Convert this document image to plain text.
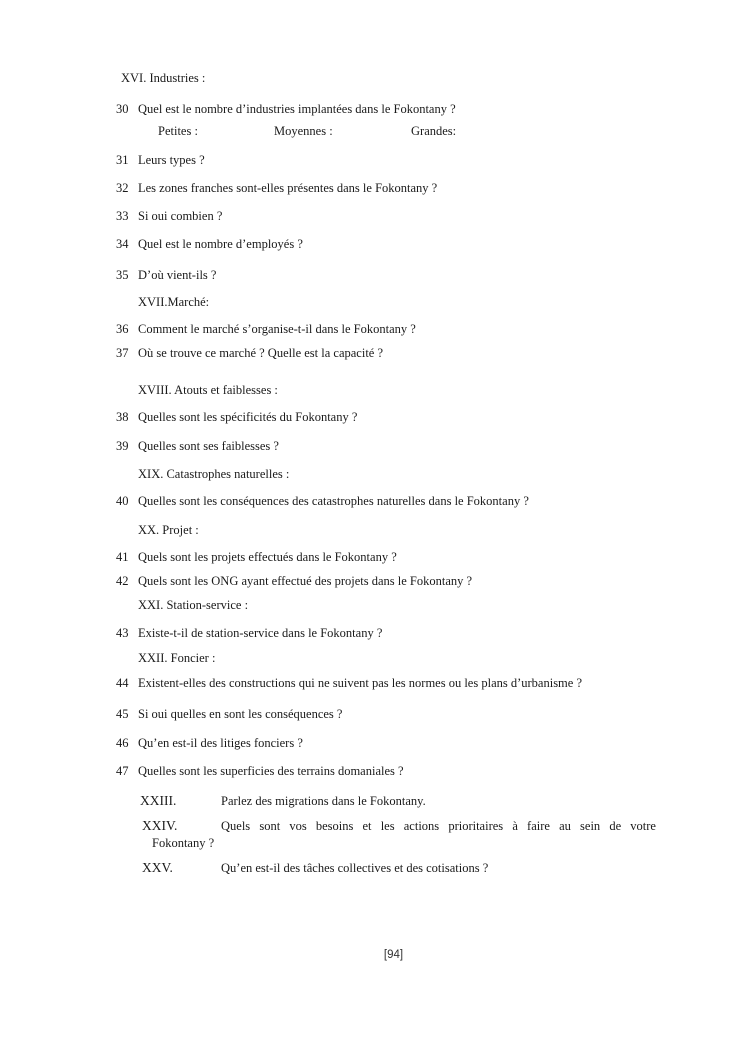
XVI. Industries :
30 Quel est le nombre d’industries implantées dans le Fokontany ?
Petites :	Moyennes :	Grandes:
31 Leurs types ?
32 Les zones franches sont-elles présentes dans le Fokontany ?
33 Si oui combien ?
34 Quel est le nombre d’employés ?
35 D’où vient-ils ?
XVII.Marché:
36 Comment le marché s’organise-t-il dans le Fokontany ?
37 Où se trouve ce marché ? Quelle est la capacité ?
XVIII. Atouts et faiblesses :
38 Quelles sont les spécificités du Fokontany ?
39 Quelles sont ses faiblesses ?
XIX. Catastrophes naturelles :
40 Quelles sont les conséquences des catastrophes naturelles dans le Fokontany ?
XX. Projet :
41 Quels sont les projets effectués dans le Fokontany ?
42 Quels sont les ONG ayant effectué des projets dans le Fokontany ?
XXI. Station-service :
43 Existe-t-il de station-service dans le Fokontany ?
XXII. Foncier :
44 Existent-elles des constructions qui ne suivent pas les normes ou les plans d’urbanisme ?
45 Si oui quelles en sont les conséquences ?
46 Qu’en est-il des litiges fonciers ?
47 Quelles sont les superficies des terrains domaniales ?
XXIII.	Parlez des migrations dans le Fokontany.
XXIV.	Quels sont vos besoins et les actions prioritaires à faire au sein de votre
Fokontany ?
XXV.	Qu’en est-il des tâches collectives et des cotisations ?
[94]
